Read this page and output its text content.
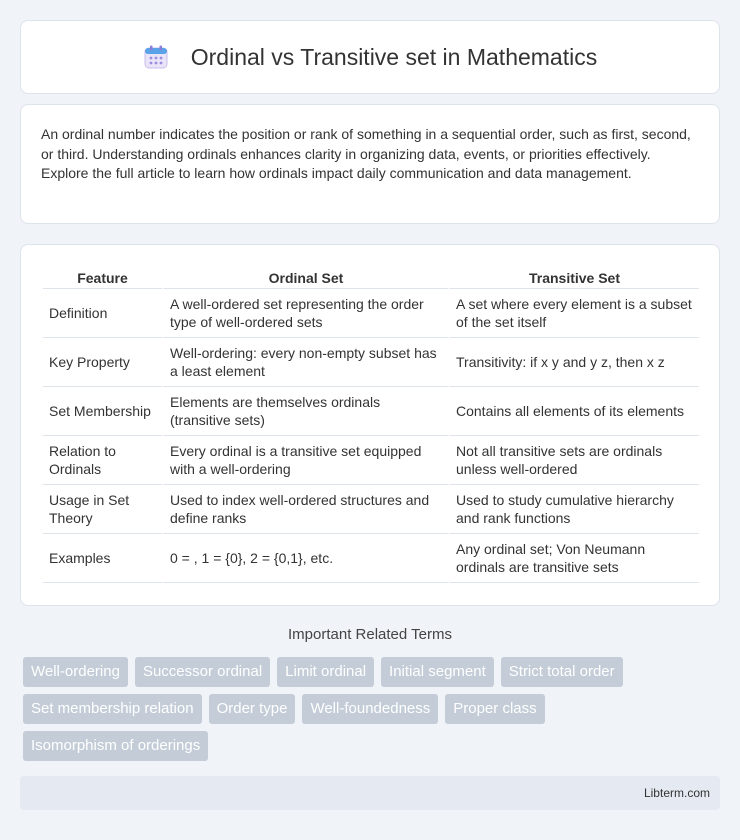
Ordinal vs Transitive set in Mathematics

An ordinal number indicates the position or rank of something in a sequential order, such as first, second, or third. Understanding ordinals enhances clarity in organizing data, events, or priorities effectively. Explore the full article to learn how ordinals impact daily communication and data management.

Feature	Ordinal Set	Transitive Set
Definition	A well-ordered set representing the order type of well-ordered sets	A set where every element is a subset of the set itself
Key Property	Well-ordering: every non-empty subset has a least element	Transitivity: if x y and y z, then x z
Set Membership	Elements are themselves ordinals (transitive sets)	Contains all elements of its elements
Relation to Ordinals	Every ordinal is a transitive set equipped with a well-ordering	Not all transitive sets are ordinals unless well-ordered
Usage in Set Theory	Used to index well-ordered structures and define ranks	Used to study cumulative hierarchy and rank functions
Examples	0 = , 1 = {0}, 2 = {0,1}, etc.	Any ordinal set; Von Neumann ordinals are transitive sets
Important Related Terms
Well-ordering	Successor ordinal	Limit ordinal	Initial segment	Strict total order
Set membership relation	Order type	Well-foundedness	Proper class
Isomorphism of orderings
Libterm.com
